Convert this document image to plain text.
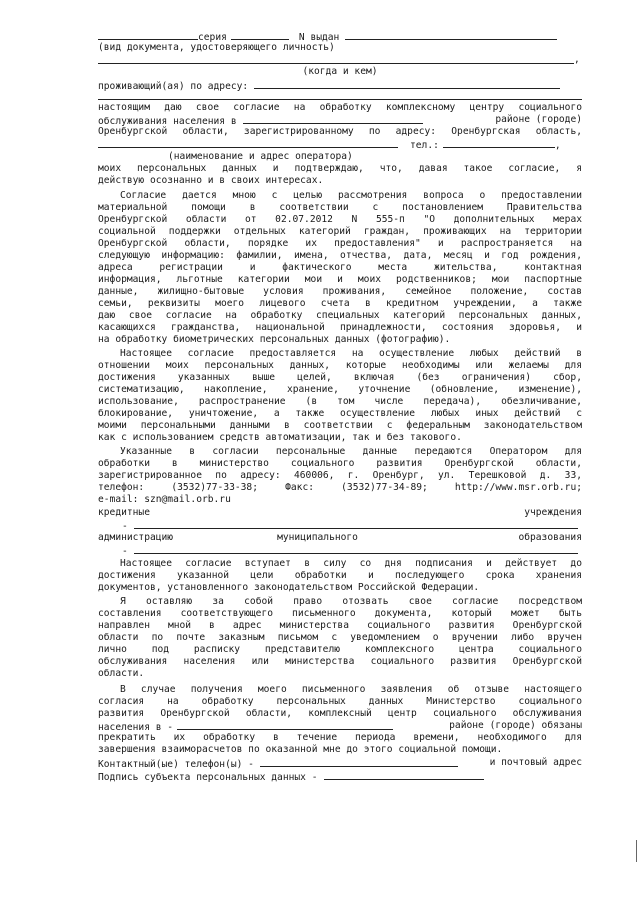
серия	N выдан
(вид документа, удостоверяющего личность)
,
(когда и кем)
проживающий(ая) по адресу:
настоящим даю свое согласие на обработку комплексному центру социального
обслуживания населения в	районе (городе)
Оренбургской области, зарегистрированному по адресу: Оренбургская область,
тел.:	,
(наименование и адрес оператора)
моих персональных данных и подтверждаю, что, давая такое согласие, я
действую осознанно и в своих интересах.
Согласие дается мною с целью рассмотрения вопроса о предоставлении
материальной помощи в соответствии с постановлением Правительства
Оренбургской области от 02.07.2012 N 555-п "О дополнительных мерах
социальной поддержки отдельных категорий граждан, проживающих на территории
Оренбургской области, порядке их предоставления" и распространяется на
следующую информацию: фамилии, имена, отчества, дата, месяц и год рождения,
адреса регистрации и фактического места жительства, контактная
информация, льготные категории мои и моих родственников; мои паспортные
данные, жилищно-бытовые условия проживания, семейное положение, состав
семьи, реквизиты моего лицевого счета в кредитном учреждении, а также
даю свое согласие на обработку специальных категорий персональных данных,
касающихся гражданства, национальной принадлежности, состояния здоровья, и
на обработку биометрических персональных данных (фотографию).
Настоящее согласие предоставляется на осуществление любых действий в
отношении моих персональных данных, которые необходимы или желаемы для
достижения указанных выше целей, включая (без ограничения) сбор,
систематизацию, накопление, хранение, уточнение (обновление, изменение),
использование, распространение (в том числе передача), обезличивание,
блокирование, уничтожение, а также осуществление любых иных действий с
моими персональными данными в соответствии с федеральным законодательством
как с использованием средств автоматизации, так и без такового.
Указанные в согласии персональные данные передаются Оператором для
обработки в министерство социального развития Оренбургской области,
зарегистрированное по адресу: 460006, г. Оренбург, ул. Терешковой д. 33,
телефон: (3532)77-33-38; Факс: (3532)77-34-89; http://www.msr.orb.ru;
e-mail: szn@mail.orb.ru
кредитные	учреждения
-
администрацию	муниципального	образования
-
Настоящее согласие вступает в силу со дня подписания и действует до
достижения указанной цели обработки и последующего срока хранения
документов, установленного законодательством Российской Федерации.
Я оставляю за собой право отозвать свое согласие посредством
составления соответствующего письменного документа, который может быть
направлен мной в адрес министерства социального развития Оренбургской
области по почте заказным письмом с уведомлением о вручении либо вручен
лично под расписку представителю комплексного центра социального
обслуживания населения или министерства социального развития Оренбургской
области.
В случае получения моего письменного заявления об отзыве настоящего
согласия на обработку персональных данных Министерство социального
развития Оренбургской области, комплексный центр социального обслуживания
населения в -	районе (городе) обязаны
прекратить их обработку в течение периода времени, необходимого для
завершения взаиморасчетов по оказанной мне до этого социальной помощи.
Контактный(ые) телефон(ы) -	и почтовый адрес
Подпись субъекта персональных данных -
